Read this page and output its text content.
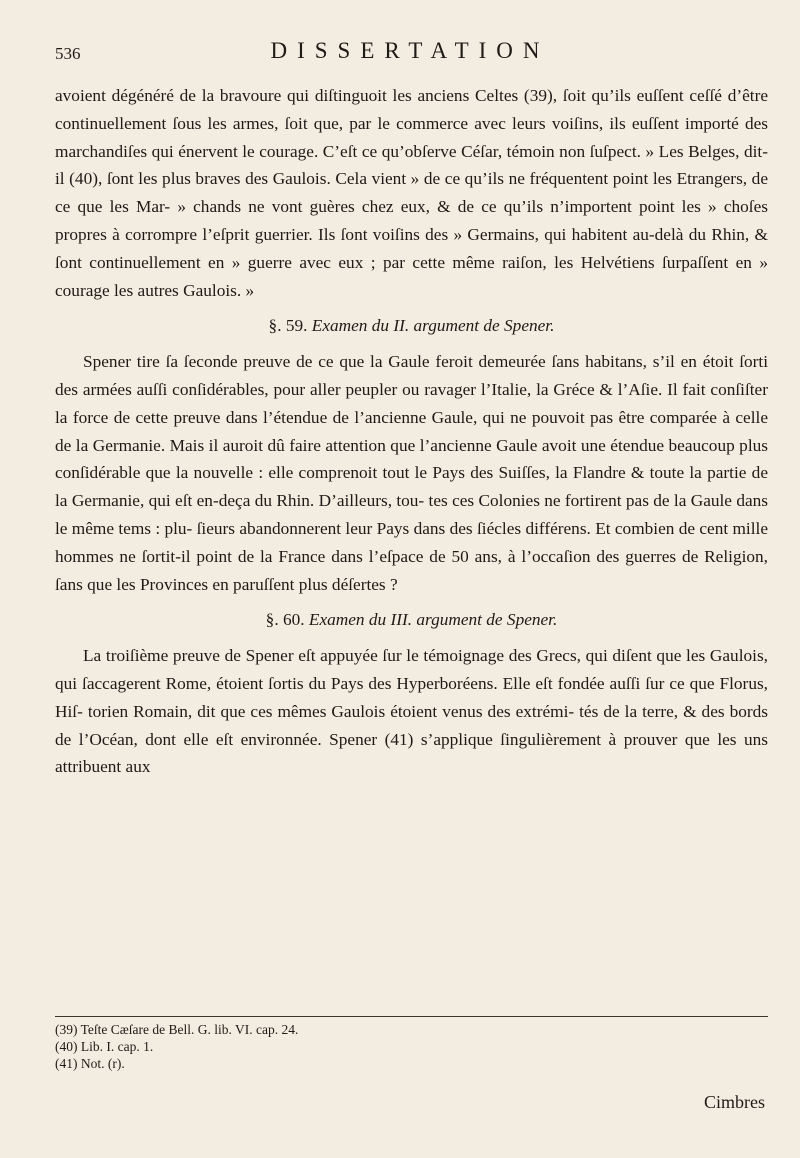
536	DISSERTATION

avoient dégénéré de la bravoure qui diſtinguoit les anciens Celtes (39), ſoit qu’ils euſſent ceſſé d’être continuellement ſous les armes, ſoit que, par le commerce avec leurs voiſins, ils euſſent importé des marchandiſes qui énervent le courage. C’eſt ce qu’obſerve Céſar, témoin non ſuſpect. » Les Belges, dit-il (40), ſont les plus braves des Gaulois. Cela vient » de ce qu’ils ne fréquentent point les Etrangers, de ce que les Mar- » chands ne vont guères chez eux, & de ce qu’ils n’importent point les » choſes propres à corrompre l’eſprit guerrier. Ils ſont voiſins des » Germains, qui habitent au-delà du Rhin, & ſont continuellement en » guerre avec eux ; par cette même raiſon, les Helvétiens ſurpaſſent en » courage les autres Gaulois. »

§. 59. Examen du II. argument de Spener.

Spener tire ſa ſeconde preuve de ce que la Gaule feroit demeurée ſans habitans, s’il en étoit ſorti des armées auſſi conſidérables, pour aller peupler ou ravager l’Italie, la Gréce & l’Aſie. Il fait conſiſter la force de cette preuve dans l’étendue de l’ancienne Gaule, qui ne pouvoit pas être comparée à celle de la Germanie. Mais il auroit dû faire attention que l’ancienne Gaule avoit une étendue beaucoup plus conſidérable que la nouvelle : elle comprenoit tout le Pays des Suiſſes, la Flandre & toute la partie de la Germanie, qui eſt en-deça du Rhin. D’ailleurs, tou- tes ces Colonies ne fortirent pas de la Gaule dans le même tems : plu- ſieurs abandonnerent leur Pays dans des ſiécles différens. Et combien de cent mille hommes ne ſortit-il point de la France dans l’eſpace de 50 ans, à l’occaſion des guerres de Religion, ſans que les Provinces en paruſſent plus déſertes ?

§. 60. Examen du III. argument de Spener.

La troiſième preuve de Spener eſt appuyée ſur le témoignage des Grecs, qui diſent que les Gaulois, qui ſaccagerent Rome, étoient ſortis du Pays des Hyperboréens. Elle eſt fondée auſſi ſur ce que Florus, Hiſ- torien Romain, dit que ces mêmes Gaulois étoient venus des extrémi- tés de la terre, & des bords de l’Océan, dont elle eſt environnée. Spener (41) s’applique ſingulièrement à prouver que les uns attribuent aux

(39) Teſte Cæſare de Bell. G. lib. VI. cap. 24.

(40) Lib. I. cap. 1.

(41) Not. (r).

Cimbres
